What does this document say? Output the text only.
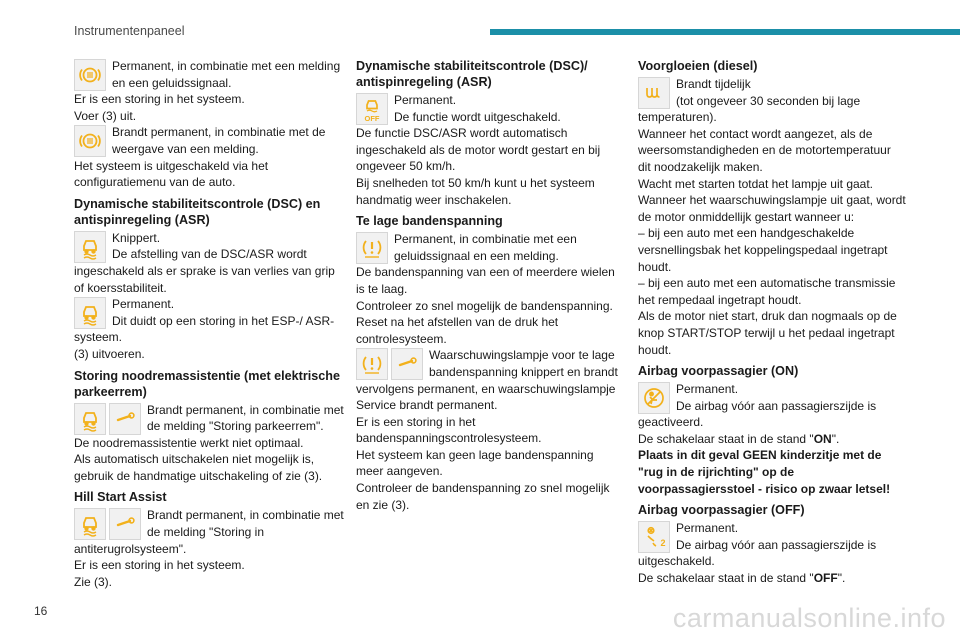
Instrumentenpaneel
Permanent, in combinatie met een melding en een geluidssignaal.

Er is een storing in het systeem.

Voer (3) uit.

Brandt permanent, in combinatie met de weergave van een melding.

Het systeem is uitgeschakeld via het configuratiemenu van de auto.

Dynamische stabiliteitscontrole (DSC) en antispinregeling (ASR)
Knippert.
De afstelling van de DSC/ASR wordt ingeschakeld als er sprake is van verlies van grip of koersstabiliteit.
Permanent.
Dit duidt op een storing in het ESP-/ ASR-systeem.

(3) uitvoeren.

Storing noodremassistentie (met elektrische parkeerrem)
Brandt permanent, in combinatie met de melding "Storing parkeerrem".

De noodremassistentie werkt niet optimaal.

Als automatisch uitschakelen niet mogelijk is, gebruik de handmatige uitschakeling of zie (3).

Hill Start Assist
Brandt permanent, in combinatie met de melding "Storing in antiterugrolsysteem".

Er is een storing in het systeem.

Zie (3).

Dynamische stabiliteitscontrole (DSC)/ antispinregeling (ASR)
OFF
Permanent.
De functie wordt uitgeschakeld.

De functie DSC/ASR wordt automatisch ingeschakeld als de motor wordt gestart en bij ongeveer 50 km/h.

Bij snelheden tot 50 km/h kunt u het systeem handmatig weer inschakelen.

Te lage bandenspanning
Permanent, in combinatie met een geluidssignaal en een melding.

De bandenspanning van een of meerdere wielen is te laag.

Controleer zo snel mogelijk de bandenspanning.

Reset na het afstellen van de druk het controlesysteem.

Waarschuwingslampje voor te lage bandenspanning knippert en brandt vervolgens permanent, en waarschuwingslampje Service brandt permanent.

Er is een storing in het bandenspanningscontrolesysteem.

Het systeem kan geen lage bandenspanning meer aangeven.

Controleer de bandenspanning zo snel mogelijk en zie (3).

Voorgloeien (diesel)
Brandt tijdelijk
(tot ongeveer 30 seconden bij lage temperaturen).

Wanneer het contact wordt aangezet, als de weersomstandigheden en de motortemperatuur dit noodzakelijk maken.

Wacht met starten totdat het lampje uit gaat.

Wanneer het waarschuwingslampje uit gaat, wordt de motor onmiddellijk gestart wanneer u:

– bij een auto met een handgeschakelde versnellingsbak het koppelingspedaal ingetrapt houdt.

– bij een auto met een automatische transmissie het rempedaal ingetrapt houdt.

Als de motor niet start, druk dan nogmaals op de knop START/STOP terwijl u het pedaal ingetrapt houdt.

Airbag voorpassagier (ON)
Permanent.
De airbag vóór aan passagierszijde is geactiveerd.

De schakelaar staat in de stand "ON".

Plaats in dit geval GEEN kinderzitje met de "rug in de rijrichting" op de voorpassagiersstoel - risico op zwaar letsel!

Airbag voorpassagier (OFF)
2
Permanent.
De airbag vóór aan passagierszijde is uitgeschakeld.

De schakelaar staat in de stand "OFF".

16	carmanualsonline.info
